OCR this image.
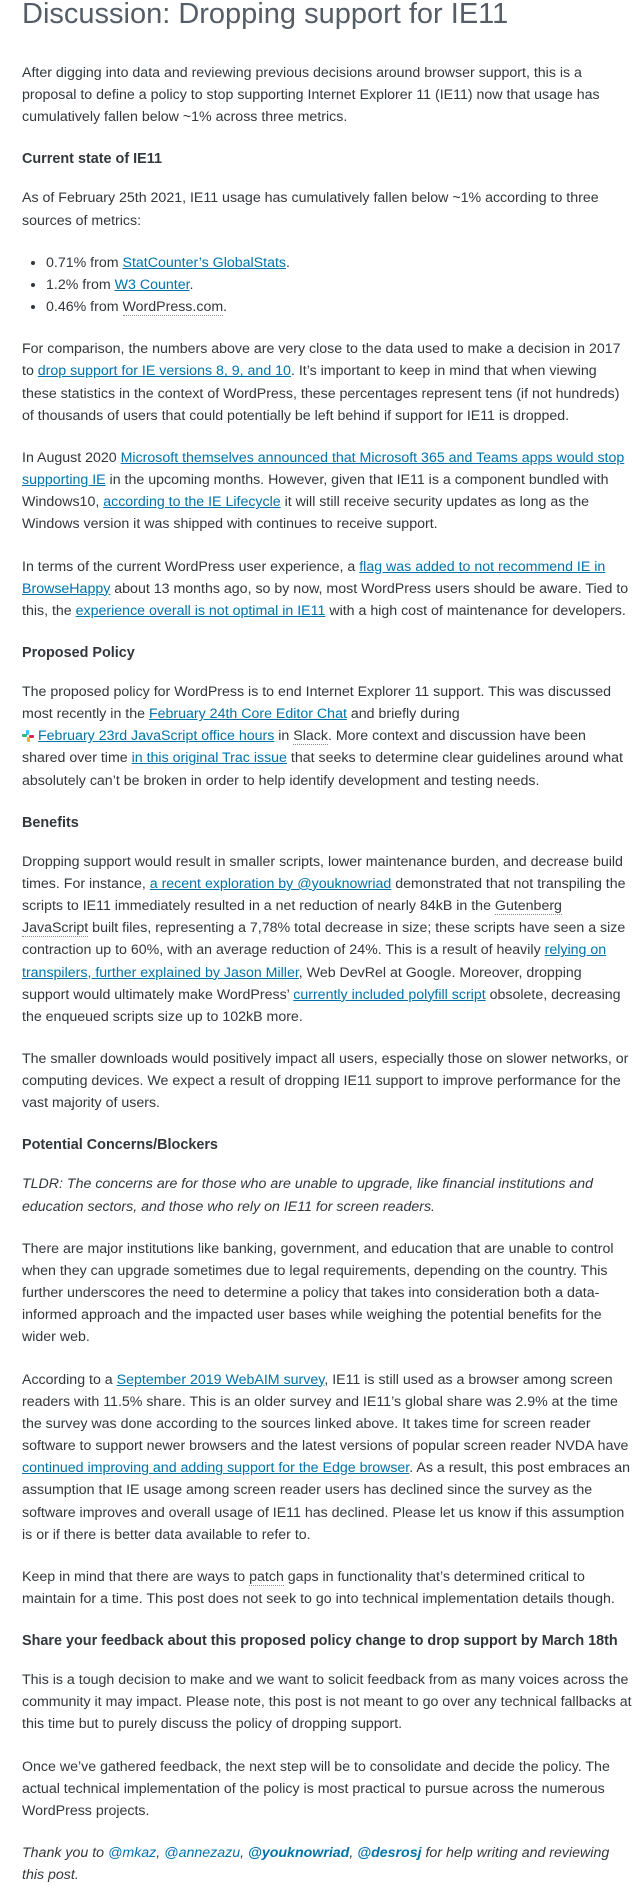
Discussion: Dropping support for IE11

After digging into data and reviewing previous decisions around browser support, this is a proposal to define a policy to stop supporting Internet Explorer 11 (IE11) now that usage has cumulatively fallen below ~1% across three metrics.

Current state of IE11

As of February 25th 2021, IE11 usage has cumulatively fallen below ~1% according to three sources of metrics:

• 0.71% from StatCounter’s GlobalStats.
• 1.2% from W3 Counter.
• 0.46% from WordPress.com.

For comparison, the numbers above are very close to the data used to make a decision in 2017 to drop support for IE versions 8, 9, and 10. It’s important to keep in mind that when viewing these statistics in the context of WordPress, these percentages represent tens (if not hundreds) of thousands of users that could potentially be left behind if support for IE11 is dropped.

In August 2020 Microsoft themselves announced that Microsoft 365 and Teams apps would stop supporting IE in the upcoming months. However, given that IE11 is a component bundled with Windows10, according to the IE Lifecycle it will still receive security updates as long as the Windows version it was shipped with continues to receive support.

In terms of the current WordPress user experience, a flag was added to not recommend IE in BrowseHappy about 13 months ago, so by now, most WordPress users should be aware. Tied to this, the experience overall is not optimal in IE11 with a high cost of maintenance for developers.

Proposed Policy

The proposed policy for WordPress is to end Internet Explorer 11 support. This was discussed most recently in the February 24th Core Editor Chat and briefly during

February 23rd JavaScript office hours in Slack. More context and discussion have been shared over time in this original Trac issue that seeks to determine clear guidelines around what absolutely can’t be broken in order to help identify development and testing needs.

Benefits

Dropping support would result in smaller scripts, lower maintenance burden, and decrease build times. For instance, a recent exploration by @youknowriad demonstrated that not transpiling the scripts to IE11 immediately resulted in a net reduction of nearly 84kB in the Gutenberg JavaScript built files, representing a 7,78% total decrease in size; these scripts have seen a size contraction up to 60%, with an average reduction of 24%. This is a result of heavily relying on transpilers, further explained by Jason Miller, Web DevRel at Google. Moreover, dropping support would ultimately make WordPress’ currently included polyfill script obsolete, decreasing the enqueued scripts size up to 102kB more.

The smaller downloads would positively impact all users, especially those on slower networks, or computing devices. We expect a result of dropping IE11 support to improve performance for the vast majority of users.

Potential Concerns/Blockers

TLDR: The concerns are for those who are unable to upgrade, like financial institutions and education sectors, and those who rely on IE11 for screen readers.

There are major institutions like banking, government, and education that are unable to control when they can upgrade sometimes due to legal requirements, depending on the country. This further underscores the need to determine a policy that takes into consideration both a data-informed approach and the impacted user bases while weighing the potential benefits for the wider web.

According to a September 2019 WebAIM survey, IE11 is still used as a browser among screen readers with 11.5% share. This is an older survey and IE11’s global share was 2.9% at the time the survey was done according to the sources linked above. It takes time for screen reader software to support newer browsers and the latest versions of popular screen reader NVDA have continued improving and adding support for the Edge browser. As a result, this post embraces an assumption that IE usage among screen reader users has declined since the survey as the software improves and overall usage of IE11 has declined. Please let us know if this assumption is or if there is better data available to refer to.

Keep in mind that there are ways to patch gaps in functionality that’s determined critical to maintain for a time. This post does not seek to go into technical implementation details though.

Share your feedback about this proposed policy change to drop support by March 18th

This is a tough decision to make and we want to solicit feedback from as many voices across the community it may impact. Please note, this post is not meant to go over any technical fallbacks at this time but to purely discuss the policy of dropping support.

Once we’ve gathered feedback, the next step will be to consolidate and decide the policy. The actual technical implementation of the policy is most practical to pursue across the numerous WordPress projects.

Thank you to @mkaz, @annezazu, @youknowriad, @desrosj for help writing and reviewing this post.
